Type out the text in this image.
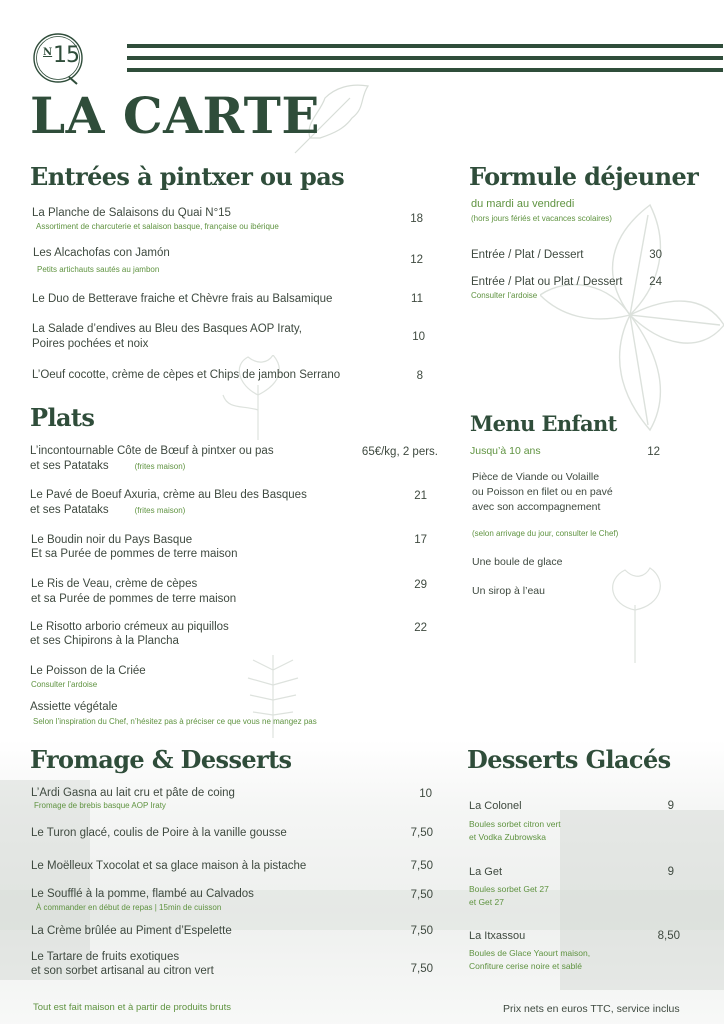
N 15
LA CARTE
Entrées à pintxer ou pas
La Planche de Salaisons du Quai N°15
Assortiment de charcuterie et salaison basque, française ou ibérique
18
Les Alcachofas con Jamón
Petits artichauts sautés au jambon
12
Le Duo de Betterave fraiche et Chèvre frais au Balsamique	11
La Salade d’endives au Bleu des Basques AOP Iraty,
Poires pochées et noix
10
L’Oeuf cocotte, crème de cèpes et Chips de jambon Serrano	8
Formule déjeuner
du mardi au vendredi
(hors jours fériés et vacances scolaires)
Entrée / Plat / Dessert	30
Entrée / Plat ou Plat / Dessert	24
Consulter l’ardoise
Plats
L’incontournable Côte de Bœuf à pintxer ou pas
et ses Patataks	(frites maison)
65€/kg, 2 pers.
Le Pavé de Boeuf Axuria, crème au Bleu des Basques
et ses Patataks	(frites maison)
21
Le Boudin noir du Pays Basque
Et sa Purée de pommes de terre maison
17
Le Ris de Veau, crème de cèpes
et sa Purée de pommes de terre maison
29
Le Risotto arborio crémeux au piquillos
et ses Chipirons à la Plancha
22
Le Poisson de la Criée
Consulter l’ardoise
Assiette végétale
Selon l’inspiration du Chef, n’hésitez pas à préciser ce que vous ne mangez pas
Menu Enfant
Jusqu’à 10 ans	12
Pièce de Viande ou Volaille
ou Poisson en filet ou en pavé
avec son accompagnement
(selon arrivage du jour, consulter le Chef)
Une boule de glace
Un sirop à l’eau
Fromage & Desserts
L’Ardi Gasna au lait cru et pâte de coing
Fromage de brebis basque AOP Iraty
10
Le Turon glacé, coulis de Poire à la vanille gousse	7,50
Le Moëlleux Txocolat et sa glace maison à la pistache	7,50
Le Soufflé à la pomme, flambé au Calvados
À commander en début de repas | 15min de cuisson
7,50
La Crème brûlée au Piment d’Espelette	7,50
Le Tartare de fruits exotiques
et son sorbet artisanal au citron vert	7,50
Desserts Glacés
La Colonel	9
Boules sorbet citron vert
et Vodka Zubrowska
La Get	9
Boules sorbet Get 27
et Get 27
La Itxassou	8,50
Boules de Glace Yaourt maison,
Confiture cerise noire et sablé
Tout est fait maison et à partir de produits bruts	Prix nets en euros TTC, service inclus
